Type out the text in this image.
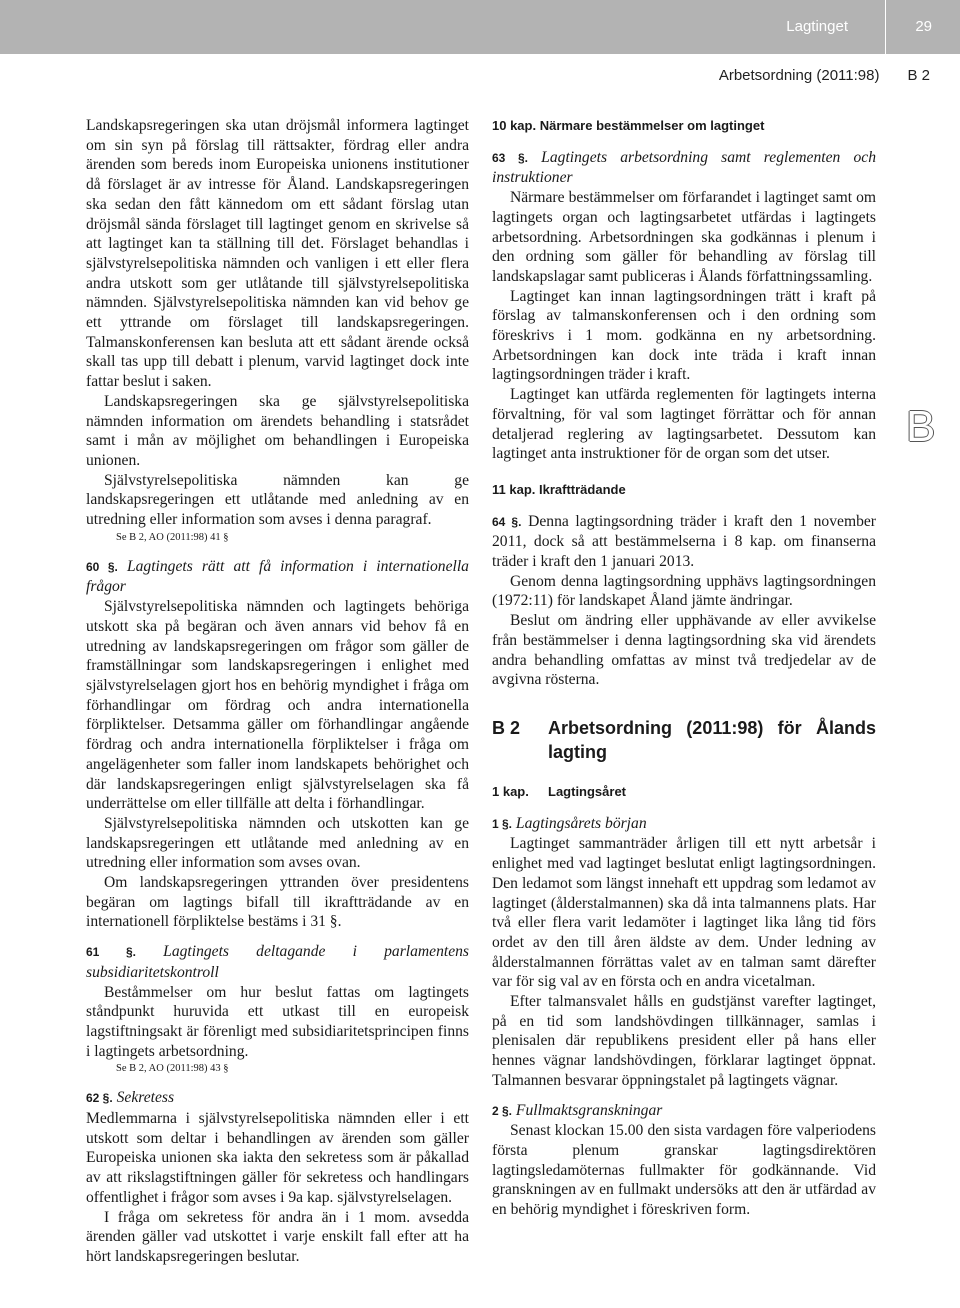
Lagtinget	29
Arbetsordning (2011:98) B 2
B

Landskapsregeringen ska utan dröjsmål informera lagtinget om sin syn på förslag till rättsakter, fördrag eller andra ärenden som bereds inom Europeiska unionens institutioner då förslaget är av intresse för Åland. Landskapsregeringen ska sedan den fått kännedom om ett sådant förslag utan dröjsmål sända förslaget till lagtinget genom en skrivelse så att lagtinget kan ta ställning till det. Förslaget behandlas i självstyrelsepolitiska nämnden och vanligen i ett eller flera andra utskott som ger utlåtande till självstyrelsepolitiska nämnden. Självstyrelsepolitiska nämnden kan vid behov ge ett yttrande om förslaget till landskapsregeringen. Talmanskonferensen kan besluta att ett sådant ärende också skall tas upp till debatt i plenum, varvid lagtinget dock inte fattar beslut i saken.

Landskapsregeringen ska ge självstyrelsepolitiska nämnden information om ärendets behandling i statsrådet samt i mån av möjlighet om behandlingen i Europeiska unionen.

Självstyrelsepolitiska nämnden kan ge landskapsregeringen ett utlåtande med anledning av en utredning eller information som avses i denna paragraf.

Se B 2, AO (2011:98) 41 §

60 §. Lagtingets rätt att få information i internationella frågor

Självstyrelsepolitiska nämnden och lagtingets behöriga utskott ska på begäran och även annars vid behov få en utredning av landskapsregeringen om frågor som gäller de framställningar som landskapsregeringen i enlighet med självstyrelselagen gjort hos en behörig myndighet i fråga om förhandlingar om fördrag och andra internationella förpliktelser. Detsamma gäller om förhandlingar angående fördrag och andra internationella förpliktelser i fråga om angelägenheter som faller inom landskapets behörighet och där landskapsregeringen enligt självstyrelselagen ska få underrättelse om eller tillfälle att delta i förhandlingar.

Självstyrelsepolitiska nämnden och utskotten kan ge landskapsregeringen ett utlåtande med anledning av en utredning eller information som avses ovan.

Om landskapsregeringen yttranden över presidentens begäran om lagtings bifall till ikraftträdande av en internationell förpliktelse bestäms i 31 §.

61 §. Lagtingets deltagande i parlamentens subsidiaritetskontroll

Beståmmelser om hur beslut fattas om lagtingets ståndpunkt huruvida ett utkast till en europeisk lagstiftningsakt är förenligt med subsidiaritetsprincipen finns i lagtingets arbetsordning.

Se B 2, AO (2011:98) 43 §

62 §. Sekretess

Medlemmarna i självstyrelsepolitiska nämnden eller i ett utskott som deltar i behandlingen av ärenden som gäller Europeiska unionen ska iakta den sekretess som är påkallad av att rikslagstiftningen gäller för sekretess och handlingars offentlighet i frågor som avses i 9a kap. självstyrelselagen.

I fråga om sekretess för andra än i 1 mom. avsedda ärenden gäller vad utskottet i varje enskilt fall efter att ha hört landskapsregeringen beslutar.

10 kap. Närmare bestämmelser om lagtinget

63 §. Lagtingets arbetsordning samt reglementen och instruktioner

Närmare bestämmelser om förfarandet i lagtinget samt om lagtingets organ och lagtingsarbetet utfärdas i lagtingets arbetsordning. Arbetsordningen ska godkännas i plenum i den ordning som gäller för behandling av förslag till landskapslagar samt publiceras i Ålands författningssamling.

Lagtinget kan innan lagtingsordningen trätt i kraft på förslag av talmanskonferensen och i den ordning som föreskrivs i 1 mom. godkänna en ny arbetsordning. Arbetsordningen kan dock inte träda i kraft innan lagtingsordningen träder i kraft.

Lagtinget kan utfärda reglementen för lagtingets interna förvaltning, för val som lagtinget förrättar och för annan detaljerad reglering av lagtingsarbetet. Dessutom kan lagtinget anta instruktioner för de organ som det utser.

11 kap. Ikraftträdande

64 §. Denna lagtingsordning träder i kraft den 1 november 2011, dock så att bestämmelserna i 8 kap. om finanserna träder i kraft den 1 januari 2013.

Genom denna lagtingsordning upphävs lagtingsordningen (1972:11) för landskapet Åland jämte ändringar.

Beslut om ändring eller upphävande av eller avvikelse från bestämmelser i denna lagtingsordning ska vid ärendets andra behandling omfattas av minst två tredjedelar av de avgivna rösterna.

B 2	Arbetsordning (2011:98) för Ålands lagting
1 kap. Lagtingsåret

1 §. Lagtingsårets början

Lagtinget sammanträder årligen till ett nytt arbetsår i enlighet med vad lagtinget beslutat enligt lagtingsordningen. Den ledamot som längst innehaft ett uppdrag som ledamot av lagtinget (ålderstalmannen) ska då inta talmannens plats. Har två eller flera varit ledamöter i lagtinget lika lång tid förs ordet av den till åren äldste av dem. Under ledning av ålderstalmannen förrättas valet av en talman samt därefter var för sig val av en första och en andra vicetalman.

Efter talmansvalet hålls en gudstjänst varefter lagtinget, på en tid som landshövdingen tillkännager, samlas i plenisalen där republikens president eller på hans eller hennes vägnar landshövdingen, förklarar lagtinget öppnat. Talmannen besvarar öppningstalet på lagtingets vägnar.

2 §. Fullmaktsgranskningar

Senast klockan 15.00 den sista vardagen före valperiodens första plenum granskar lagtingsdirektören lagtingsledamöternas fullmakter för godkännande. Vid granskningen av en fullmakt undersöks att den är utfärdad av en behörig myndighet i föreskriven form.
